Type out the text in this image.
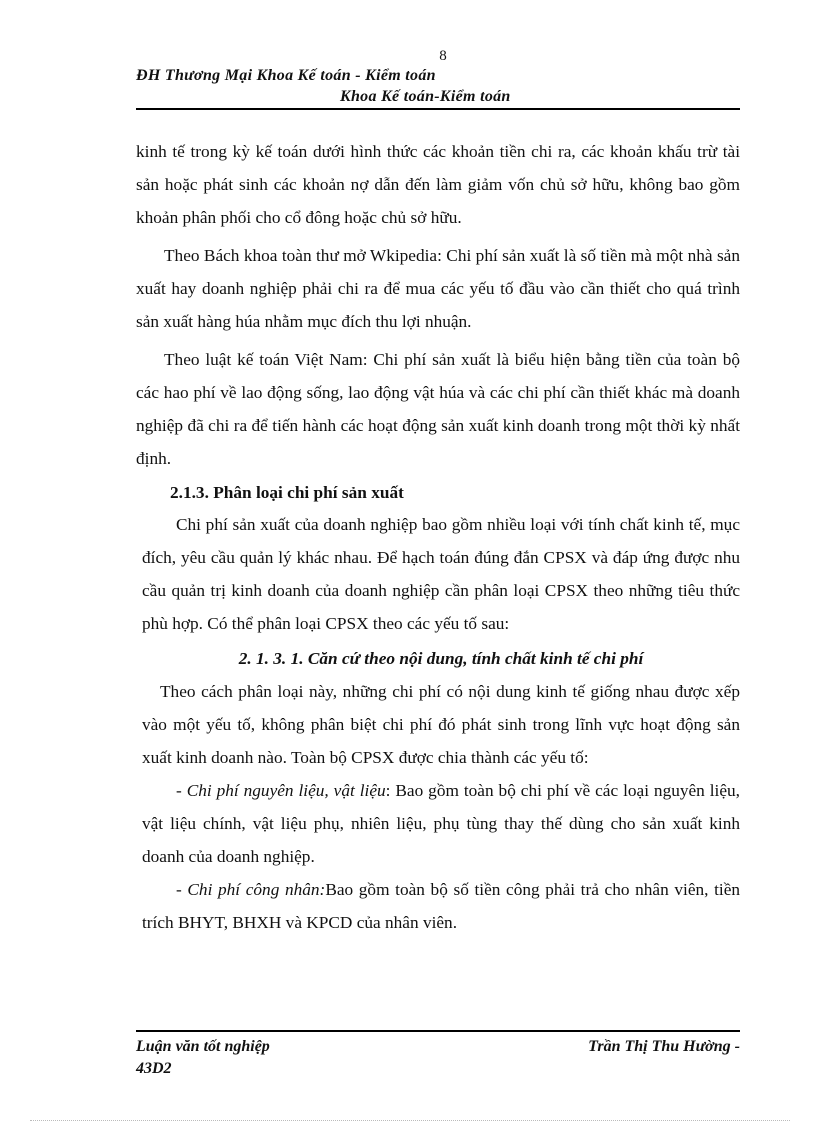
8
ĐH Thương Mại Khoa Kế toán - Kiểm toán
Khoa Kế toán-Kiểm toán

kinh tế trong kỳ kế toán dưới hình thức các khoản tiền chi ra, các khoản khấu trừ tài sản hoặc phát sinh các khoản nợ dẫn đến làm giảm vốn chủ sở hữu, không bao gồm khoản phân phối cho cổ đông hoặc chủ sở hữu.

Theo Bách khoa toàn thư mở Wkipedia: Chi phí sản xuất là số tiền mà một nhà sản xuất hay doanh nghiệp phải chi ra để mua các yếu tố đầu vào cần thiết cho quá trình sản xuất hàng húa nhằm mục đích thu lợi nhuận.

Theo luật kế toán Việt Nam: Chi phí sản xuất là biểu hiện bằng tiền của toàn bộ các hao phí về lao động sống, lao động vật húa và các chi phí cần thiết khác mà doanh nghiệp đã chi ra để tiến hành các hoạt động sản xuất kinh doanh trong một thời kỳ nhất định.

2.1.3. Phân loại chi phí sản xuất

Chi phí sản xuất của doanh nghiệp bao gồm nhiều loại với tính chất kinh tế, mục đích, yêu cầu quản lý khác nhau. Để hạch toán đúng đắn CPSX và đáp ứng được nhu cầu quản trị kinh doanh của doanh nghiệp cần phân loại CPSX theo những tiêu thức phù hợp. Có thể phân loại CPSX theo các yếu tố sau:

2. 1. 3. 1. Căn cứ theo nội dung, tính chất kinh tế chi phí

Theo cách phân loại này, những chi phí có nội dung kinh tế giống nhau được xếp vào một yếu tố, không phân biệt chi phí đó phát sinh trong lĩnh vực hoạt động sản xuất kinh doanh nào. Toàn bộ CPSX được chia thành các yếu tố:

- Chi phí nguyên liệu, vật liệu: Bao gồm toàn bộ chi phí về các loại nguyên liệu, vật liệu chính, vật liệu phụ, nhiên liệu, phụ tùng thay thế dùng cho sản xuất kinh doanh của doanh nghiệp.

- Chi phí công nhân:Bao gồm toàn bộ số tiền công phải trả cho nhân viên, tiền trích BHYT, BHXH và KPCD của nhân viên.

Luận văn tốt nghiệp
43D2
Trần Thị Thu Hường -
